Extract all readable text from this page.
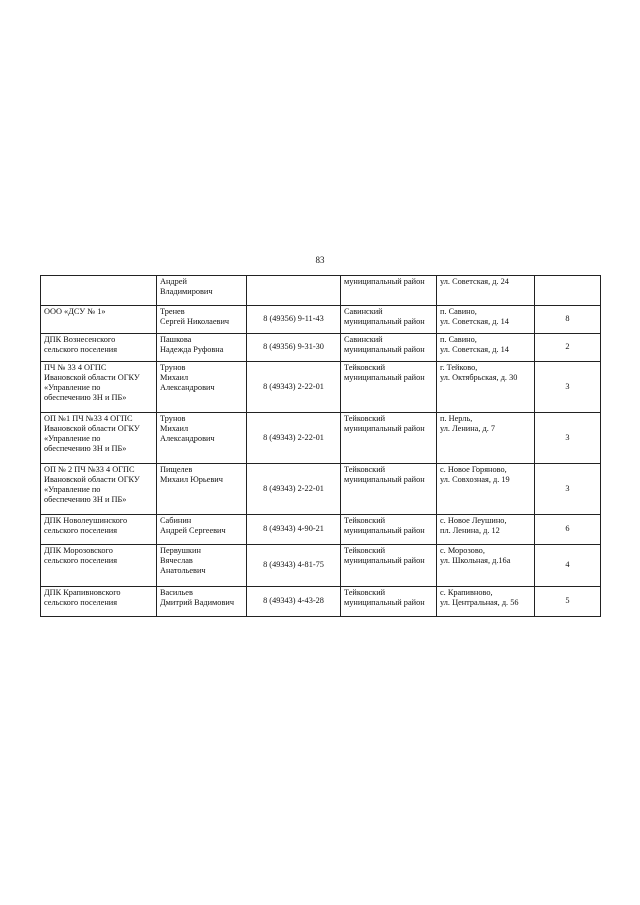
83

	Андрей
Владимирович		муниципальный район	ул. Советская, д. 24	

ООО «ДСУ № 1»	Тренев
Сергей Николаевич	8 (49356) 9-11-43	Савинский
муниципальный район	п. Савино,
ул. Советская, д. 14	8

ДПК Вознесенского
сельского поселения	Пашкова
Надежда Руфовна	8 (49356) 9-31-30	Савинский
муниципальный район	п. Савино,
ул. Советская, д. 14	2

ПЧ № 33 4 ОГПС
Ивановской области ОГКУ
«Управление по
обеспечению ЗН и ПБ»	Трунов
Михаил
Александрович	8 (49343) 2-22-01	Тейковский
муниципальный район	г. Тейково,
ул. Октябрьская, д. 30	3

ОП №1 ПЧ №33 4 ОГПС
Ивановской области ОГКУ
«Управление по
обеспечению ЗН и ПБ»	Трунов
Михаил
Александрович	8 (49343) 2-22-01	Тейковский
муниципальный район	п. Нерль,
ул. Ленина, д. 7	3

ОП № 2 ПЧ №33 4 ОГПС
Ивановской области ОГКУ
«Управление по
обеспечению ЗН и ПБ»	Пищелев
Михаил Юрьевич	8 (49343) 2-22-01	Тейковский
муниципальный район	с. Новое Горяново,
ул. Совхозная, д. 19	3

ДПК Новолеушинского
сельского поселения	Сабинин
Андрей Сергеевич	8 (49343) 4-90-21	Тейковский
муниципальный район	с. Новое Леушино,
пл. Ленина, д. 12	6

ДПК Морозовского
сельского поселения	Первушкин
Вячеслав
Анатольевич	8 (49343) 4-81-75	Тейковский
муниципальный район	с. Морозово,
ул. Школьная, д.16а	4

ДПК Крапивновского
сельского поселения	Васильев
Дмитрий Вадимович	8 (49343) 4-43-28	Тейковский
муниципальный район	с. Крапивново,
ул. Центральная, д. 56	5
